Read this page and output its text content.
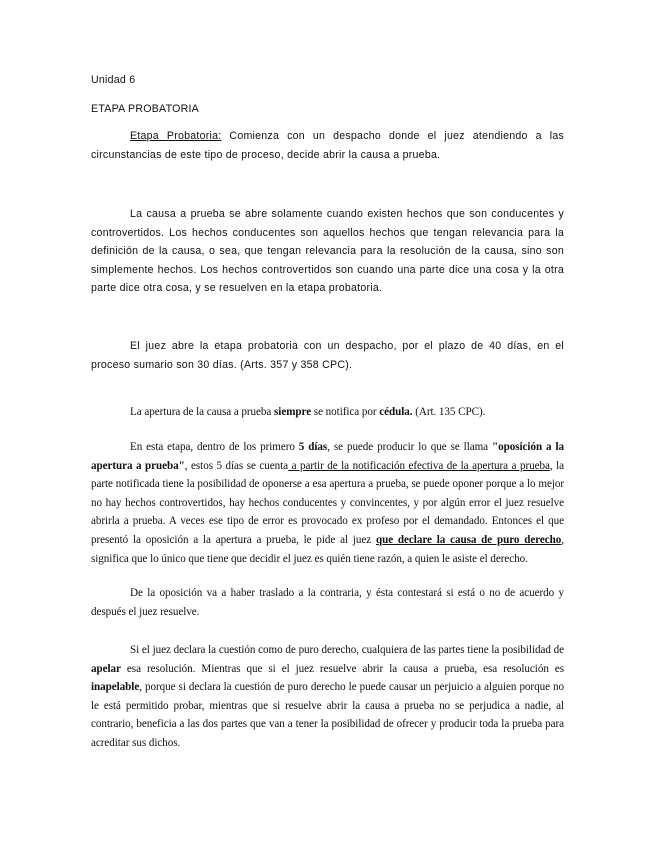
Unidad 6
ETAPA PROBATORIA

Etapa Probatoria: Comienza con un despacho donde el juez atendiendo a las circunstancias de este tipo de proceso, decide abrir la causa a prueba.

La causa a prueba se abre solamente cuando existen hechos que son conducentes y controvertidos. Los hechos conducentes son aquellos hechos que tengan relevancia para la definición de la causa, o sea, que tengan relevancia para la resolución de la causa, sino son simplemente hechos. Los hechos controvertidos son cuando una parte dice una cosa y la otra parte dice otra cosa, y se resuelven en la etapa probatoria.

El juez abre la etapa probatoria con un despacho, por el plazo de 40 días, en el proceso sumario son 30 días. (Arts. 357 y 358 CPC).

La apertura de la causa a prueba siempre se notifica por cédula. (Art. 135 CPC).

En esta etapa, dentro de los primero 5 días, se puede producir lo que se llama "oposición a la apertura a prueba", estos 5 días se cuenta a partir de la notificación efectiva de la apertura a prueba, la parte notificada tiene la posibilidad de oponerse a esa apertura a prueba, se puede oponer porque a lo mejor no hay hechos controvertidos, hay hechos conducentes y convincentes, y por algún error el juez resuelve abrirla a prueba. A veces ese tipo de error es provocado ex profeso por el demandado. Entonces el que presentó la oposición a la apertura a prueba, le pide al juez que declare la causa de puro derecho, significa que lo único que tiene que decidir el juez es quién tiene razón, a quien le asiste el derecho.

De la oposición va a haber traslado a la contraria, y ésta contestará si está o no de acuerdo y después el juez resuelve.

Si el juez declara la cuestión como de puro derecho, cualquiera de las partes tiene la posibilidad de apelar esa resolución. Mientras que si el juez resuelve abrir la causa a prueba, esa resolución es inapelable, porque si declara la cuestión de puro derecho le puede causar un perjuicio a alguien porque no le está permitido probar, mientras que si resuelve abrir la causa a prueba no se perjudica a nadie, al contrario, beneficia a las dos partes que van a tener la posibilidad de ofrecer y producir toda la prueba para acreditar sus dichos.
